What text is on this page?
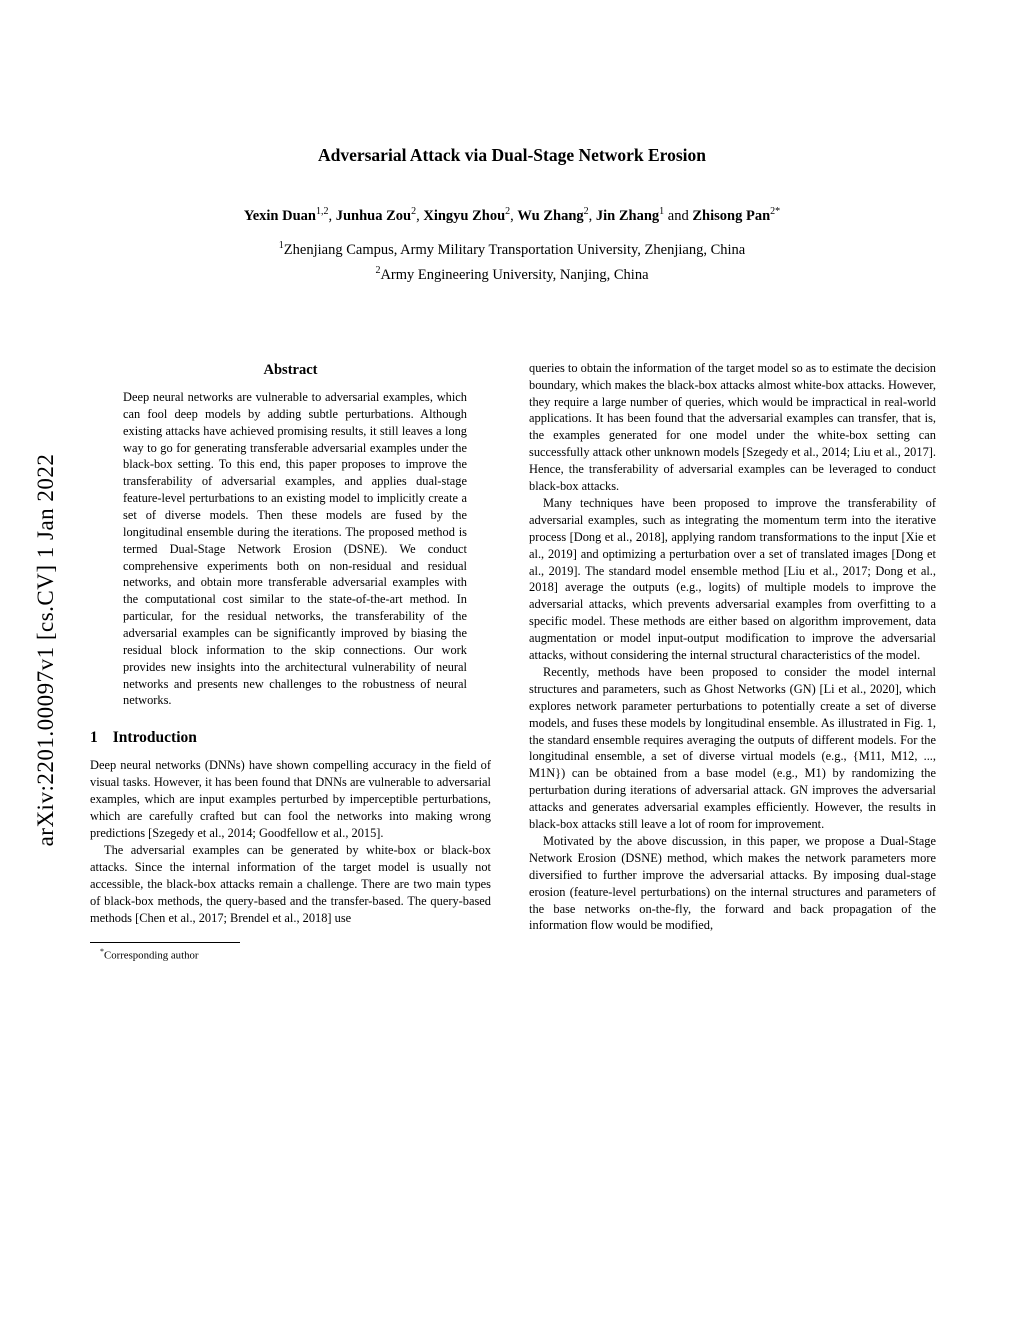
arXiv:2201.00097v1 [cs.CV] 1 Jan 2022
Adversarial Attack via Dual-Stage Network Erosion
Yexin Duan$^{1,2}$, Junhua Zou$^2$, Xingyu Zhou$^2$, Wu Zhang$^2$, Jin Zhang$^1$ and Zhisong Pan$^{2*}$
$^1$Zhenjiang Campus, Army Military Transportation University, Zhenjiang, China
$^2$Army Engineering University, Nanjing, China
Abstract

Deep neural networks are vulnerable to adversarial examples, which can fool deep models by adding subtle perturbations. Although existing attacks have achieved promising results, it still leaves a long way to go for generating transferable adversarial examples under the black-box setting. To this end, this paper proposes to improve the transferability of adversarial examples, and applies dual-stage feature-level perturbations to an existing model to implicitly create a set of diverse models. Then these models are fused by the longitudinal ensemble during the iterations. The proposed method is termed Dual-Stage Network Erosion (DSNE). We conduct comprehensive experiments both on non-residual and residual networks, and obtain more transferable adversarial examples with the computational cost similar to the state-of-the-art method. In particular, for the residual networks, the transferability of the adversarial examples can be significantly improved by biasing the residual block information to the skip connections. Our work provides new insights into the architectural vulnerability of neural networks and presents new challenges to the robustness of neural networks.

1 Introduction

Deep neural networks (DNNs) have shown compelling accuracy in the field of visual tasks. However, it has been found that DNNs are vulnerable to adversarial examples, which are input examples perturbed by imperceptible perturbations, which are carefully crafted but can fool the networks into making wrong predictions [Szegedy et al., 2014; Goodfellow et al., 2015].

The adversarial examples can be generated by white-box or black-box attacks. Since the internal information of the target model is usually not accessible, the black-box attacks remain a challenge. There are two main types of black-box methods, the query-based and the transfer-based. The query-based methods [Chen et al., 2017; Brendel et al., 2018] use

*Corresponding author

queries to obtain the information of the target model so as to estimate the decision boundary, which makes the black-box attacks almost white-box attacks. However, they require a large number of queries, which would be impractical in real-world applications. It has been found that the adversarial examples can transfer, that is, the examples generated for one model under the white-box setting can successfully attack other unknown models [Szegedy et al., 2014; Liu et al., 2017]. Hence, the transferability of adversarial examples can be leveraged to conduct black-box attacks.

Many techniques have been proposed to improve the transferability of adversarial examples, such as integrating the momentum term into the iterative process [Dong et al., 2018], applying random transformations to the input [Xie et al., 2019] and optimizing a perturbation over a set of translated images [Dong et al., 2019]. The standard model ensemble method [Liu et al., 2017; Dong et al., 2018] average the outputs (e.g., logits) of multiple models to improve the adversarial attacks, which prevents adversarial examples from overfitting to a specific model. These methods are either based on algorithm improvement, data augmentation or model input-output modification to improve the adversarial attacks, without considering the internal structural characteristics of the model.

Recently, methods have been proposed to consider the model internal structures and parameters, such as Ghost Networks (GN) [Li et al., 2020], which explores network parameter perturbations to potentially create a set of diverse models, and fuses these models by longitudinal ensemble. As illustrated in Fig. 1, the standard ensemble requires averaging the outputs of different models. For the longitudinal ensemble, a set of diverse virtual models (e.g., {M11, M12, ..., M1N}) can be obtained from a base model (e.g., M1) by randomizing the perturbation during iterations of adversarial attack. GN improves the adversarial attacks and generates adversarial examples efficiently. However, the results in black-box attacks still leave a lot of room for improvement.

Motivated by the above discussion, in this paper, we propose a Dual-Stage Network Erosion (DSNE) method, which makes the network parameters more diversified to further improve the adversarial attacks. By imposing dual-stage erosion (feature-level perturbations) on the internal structures and parameters of the base networks on-the-fly, the forward and back propagation of the information flow would be modified,
